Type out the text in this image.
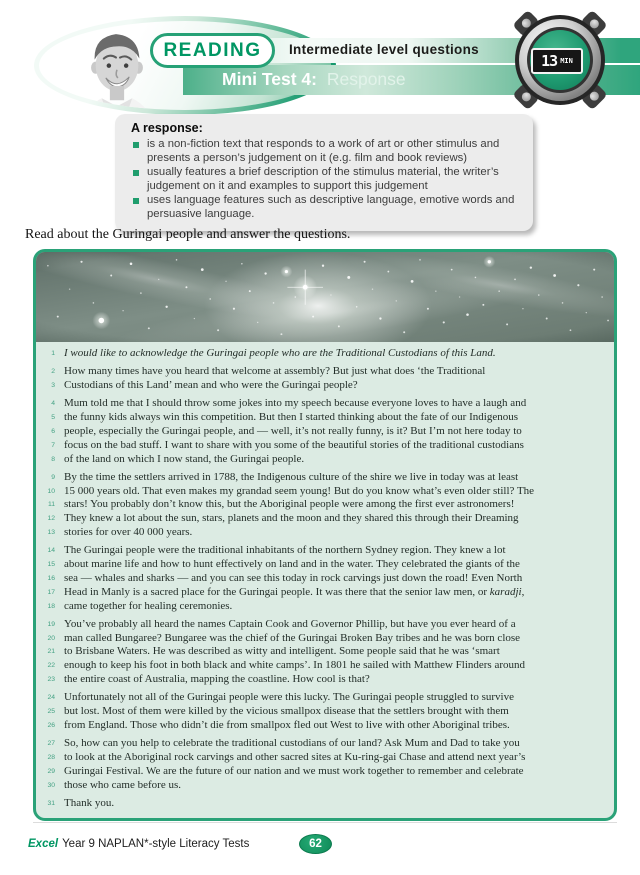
READING Intermediate level questions
Mini Test 4: Response
13 MIN
A response:
is a non-fiction text that responds to a work of art or other stimulus and presents a person’s judgement on it (e.g. film and book reviews)
usually features a brief description of the stimulus material, the writer’s judgement on it and examples to support this judgement
uses language features such as descriptive language, emotive words and persuasive language.

Read about the Guringai people and answer the questions.

1 I would like to acknowledge the Guringai people who are the Traditional Custodians of this Land.
2 How many times have you heard that welcome at assembly? But just what does ‘the Traditional
3 Custodians of this Land’ mean and who were the Guringai people?
4 Mum told me that I should throw some jokes into my speech because everyone loves to have a laugh and
5 the funny kids always win this competition. But then I started thinking about the fate of our Indigenous
6 people, especially the Guringai people, and — well, it’s not really funny, is it? But I’m not here today to
7 focus on the bad stuff. I want to share with you some of the beautiful stories of the traditional custodians
8 of the land on which I now stand, the Guringai people.
9 By the time the settlers arrived in 1788, the Indigenous culture of the shire we live in today was at least
10 15 000 years old. That even makes my grandad seem young! But do you know what’s even older still? The
11 stars! You probably don’t know this, but the Aboriginal people were among the first ever astronomers!
12 They knew a lot about the sun, stars, planets and the moon and they shared this through their Dreaming
13 stories for over 40 000 years.
14 The Guringai people were the traditional inhabitants of the northern Sydney region. They knew a lot
15 about marine life and how to hunt effectively on land and in the water. They celebrated the giants of the
16 sea — whales and sharks — and you can see this today in rock carvings just down the road! Even North
17 Head in Manly is a sacred place for the Guringai people. It was there that the senior law men, or karadji,
18 came together for healing ceremonies.
19 You’ve probably all heard the names Captain Cook and Governor Phillip, but have you ever heard of a
20 man called Bungaree? Bungaree was the chief of the Guringai Broken Bay tribes and he was born close
21 to Brisbane Waters. He was described as witty and intelligent. Some people said that he was ‘smart
22 enough to keep his foot in both black and white camps’. In 1801 he sailed with Matthew Flinders around
23 the entire coast of Australia, mapping the coastline. How cool is that?
24 Unfortunately not all of the Guringai people were this lucky. The Guringai people struggled to survive
25 but lost. Most of them were killed by the vicious smallpox disease that the settlers brought with them
26 from England. Those who didn’t die from smallpox fled out West to live with other Aboriginal tribes.
27 So, how can you help to celebrate the traditional custodians of our land? Ask Mum and Dad to take you
28 to look at the Aboriginal rock carvings and other sacred sites at Ku-ring-gai Chase and attend next year’s
29 Guringai Festival. We are the future of our nation and we must work together to remember and celebrate
30 those who came before us.
31 Thank you.
Excel Year 9 NAPLAN*-style Literacy Tests	62
